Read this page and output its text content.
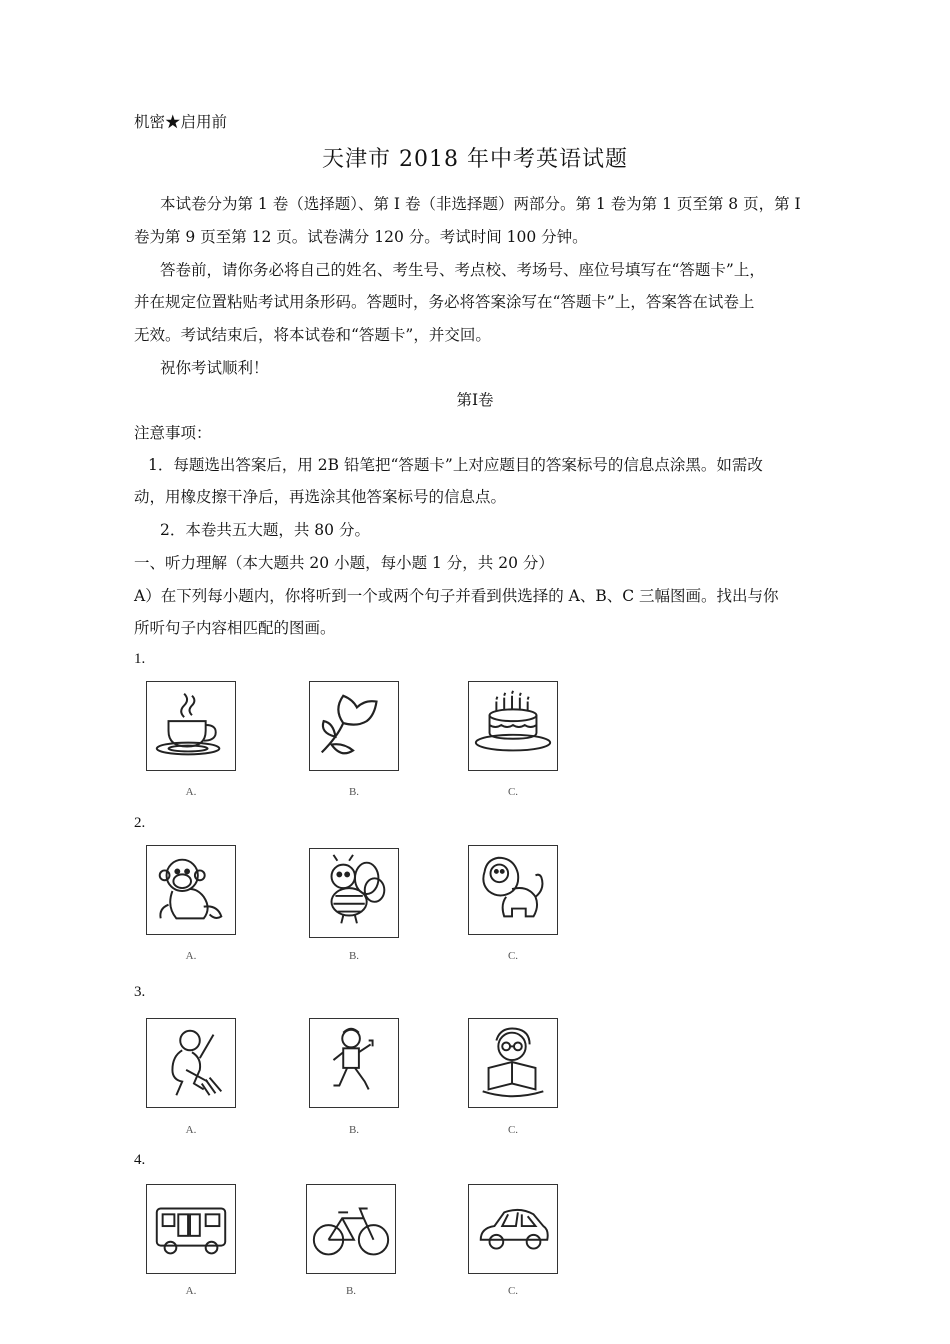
机密★启用前
天津市 2018 年中考英语试题
本试卷分为第 1 卷（选择题）、第 I 卷（非选择题）两部分。第 1 卷为第 1 页至第 8 页，第 I
卷为第 9 页至第 12 页。试卷满分 120 分。考试时间 100 分钟。
答卷前，请你务必将自己的姓名、考生号、考点校、考场号、座位号填写在“答题卡”上，
并在规定位置粘贴考试用条形码。答题时，务必将答案涂写在“答题卡”上，答案答在试卷上
无效。考试结束后，将本试卷和“答题卡”，并交回。
祝你考试顺利！
第I卷
注意事项：
1．每题选出答案后，用 2B 铅笔把“答题卡”上对应题目的答案标号的信息点涂黑。如需改
动，用橡皮擦干净后，再选涂其他答案标号的信息点。
2．本卷共五大题，共 80 分。
一、听力理解（本大题共 20 小题，每小题 1 分，共 20 分）
A）在下列每小题内，你将听到一个或两个句子并看到供选择的 A、B、C 三幅图画。找出与你
所听句子内容相匹配的图画。
1.
A.	B.	C.
2.
A.	B.	C.
3.
A.	B.	C.
4.
A.	B.	C.
